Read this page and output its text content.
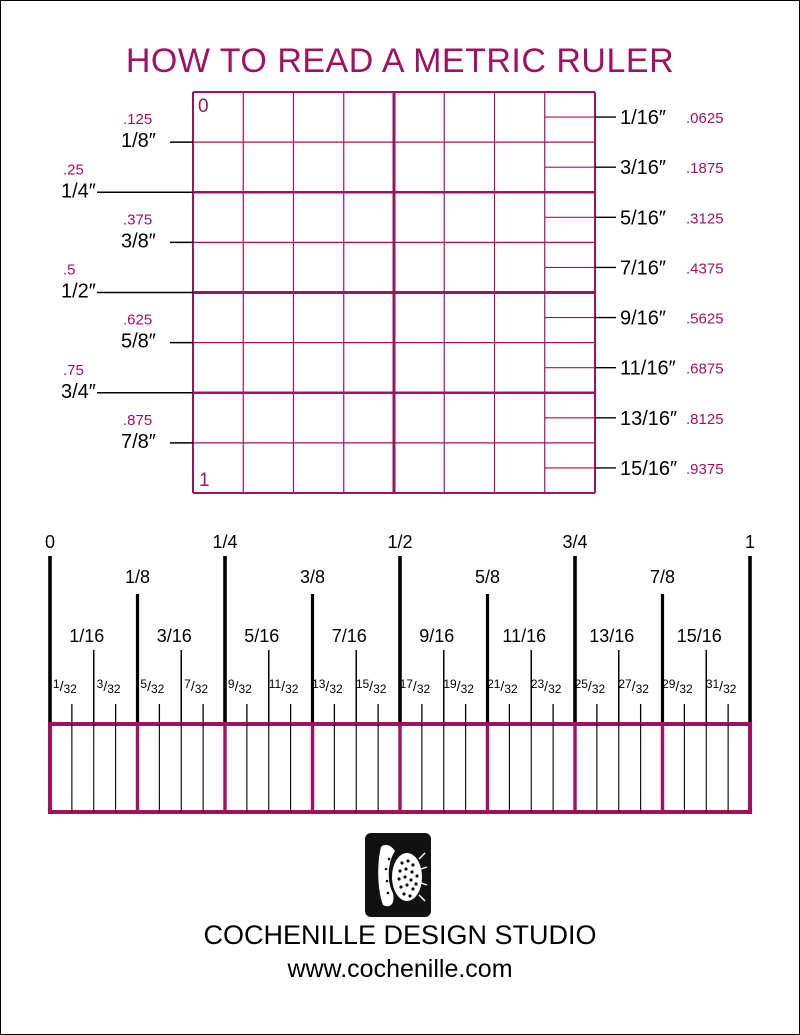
HOW TO READ A METRIC RULER
0
1
.125
1/8″
.25
1/4″
.375
3/8″
.5
1/2″
.625
5/8″
.75
3/4″
.875
7/8″
1/16″ .0625
3/16″ .1875
5/16″ .3125
7/16″ .4375
9/16″ .5625
11/16″ .6875
13/16″ .8125
15/16″ .9375
0	1/4	1/2	3/4	1
1/8	3/8	5/8	7/8
1/16	3/16	5/16	7/16	9/16	11/16 13/16 15/16
1/32 3/32 5/32 7/32 9/32 11/32 13/32 15/32 17/32 19/32 21/32 23/32 25/32 27/32 29/32 31/32
COCHENILLE DESIGN STUDIO
www.cochenille.com
